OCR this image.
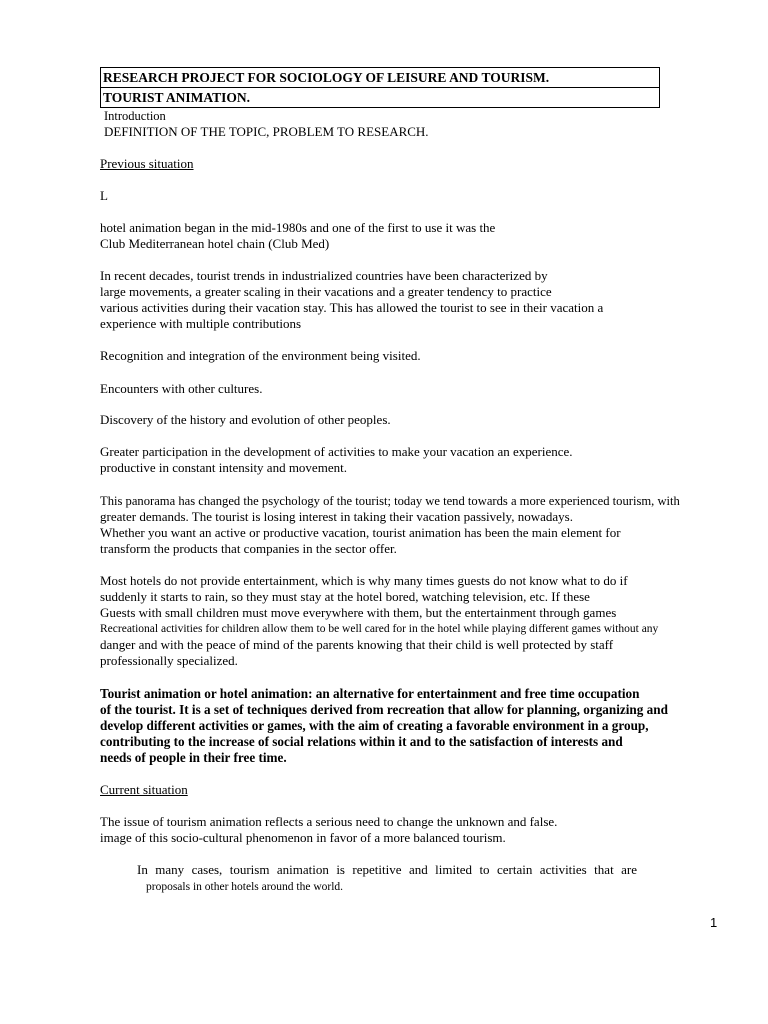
RESEARCH PROJECT FOR SOCIOLOGY OF LEISURE AND TOURISM.
TOURIST ANIMATION.
Introduction
DEFINITION OF THE TOPIC, PROBLEM TO RESEARCH.
Previous situation
L
hotel animation began in the mid-1980s and one of the first to use it was the
Club Mediterranean hotel chain (Club Med)
In recent decades, tourist trends in industrialized countries have been characterized by
large movements, a greater scaling in their vacations and a greater tendency to practice
various activities during their vacation stay. This has allowed the tourist to see in their vacation a
experience with multiple contributions
Recognition and integration of the environment being visited.
Encounters with other cultures.
Discovery of the history and evolution of other peoples.
Greater participation in the development of activities to make your vacation an experience.
productive in constant intensity and movement.
This panorama has changed the psychology of the tourist; today we tend towards a more experienced tourism, with
greater demands. The tourist is losing interest in taking their vacation passively, nowadays.
Whether you want an active or productive vacation, tourist animation has been the main element for
transform the products that companies in the sector offer.
Most hotels do not provide entertainment, which is why many times guests do not know what to do if
suddenly it starts to rain, so they must stay at the hotel bored, watching television, etc. If these
Guests with small children must move everywhere with them, but the entertainment through games
Recreational activities for children allow them to be well cared for in the hotel while playing different games without any
danger and with the peace of mind of the parents knowing that their child is well protected by staff
professionally specialized.
Tourist animation or hotel animation: an alternative for entertainment and free time occupation
of the tourist. It is a set of techniques derived from recreation that allow for planning, organizing and
develop different activities or games, with the aim of creating a favorable environment in a group,
contributing to the increase of social relations within it and to the satisfaction of interests and
needs of people in their free time.
Current situation
The issue of tourism animation reflects a serious need to change the unknown and false.
image of this socio-cultural phenomenon in favor of a more balanced tourism.
In many cases, tourism animation is repetitive and limited to certain activities that are
proposals in other hotels around the world.
1
